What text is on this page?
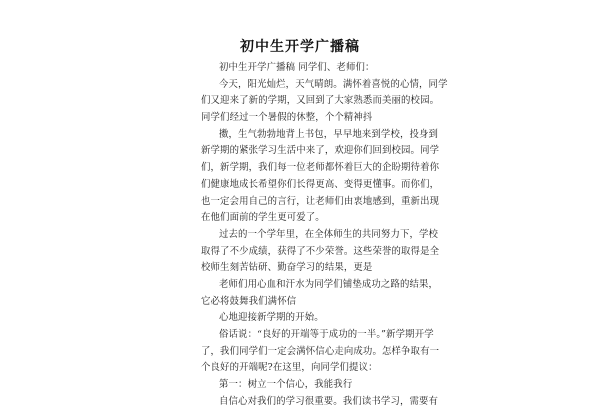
初中生开学广播稿
初中生开学广播稿 同学们、老师们：
今天，阳光灿烂，天气晴朗。满怀着喜悦的心情，同学
们又迎来了新的学期，又回到了大家熟悉而美丽的校园。
同学们经过一个暑假的休整，个个精神抖
擞，生气勃勃地背上书包，早早地来到学校，投身到
新学期的紧张学习生活中来了，欢迎你们回到校园。同学
们，新学期，我们每一位老师都怀着巨大的企盼期待着你
们健康地成长希望你们长得更高、变得更懂事。而你们，
也一定会用自己的言行，让老师们由衷地感到，重新出现
在他们面前的学生更可爱了。
过去的一个学年里，在全体师生的共同努力下，学校
取得了不少成绩，获得了不少荣誉。这些荣誉的取得是全
校师生刻苦钻研、勤奋学习的结果，更是
老师们用心血和汗水为同学们铺垫成功之路的结果，
它必将鼓舞我们满怀信
心地迎接新学期的开始。
俗话说：“良好的开端等于成功的一半。”新学期开学
了，我们同学们一定会满怀信心走向成功。怎样争取有一
个良好的开端呢?在这里，向同学们提议：
第一：树立一个信心，我能我行
自信心对我们的学习很重要。我们读书学习，需要有
